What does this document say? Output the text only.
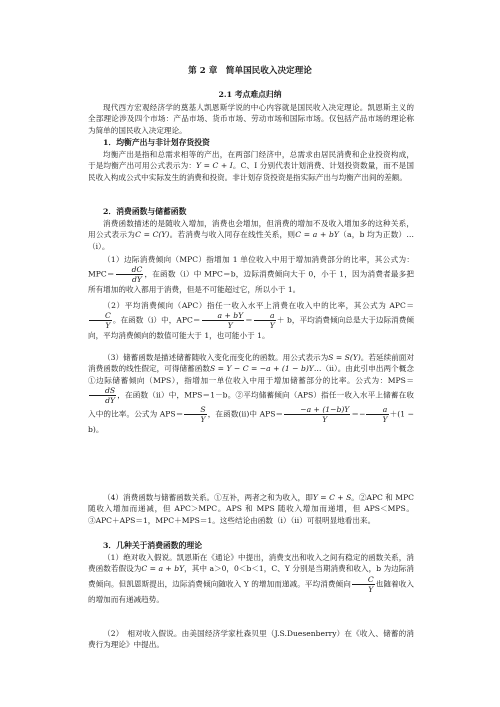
第 2 章　简单国民收入决定理论
2.1 考点难点归纳
现代西方宏观经济学的奠基人凯恩斯学说的中心内容就是国民收入决定理论。凯恩斯主义的全部理论涉及四个市场：产品市场、货币市场、劳动市场和国际市场。仅包括产品市场的理论称为简单的国民收入决定理论。
1．均衡产出与非计划存货投资
均衡产出是指和总需求相等的产出，在两部门经济中，总需求由居民消费和企业投资构成，于是均衡产出可用公式表示为：Y = C + I。C、I 分别代表计划消费、计划投资数量，而不是国民收入构成公式中实际发生的消费和投资。非计划存货投资是指实际产出与均衡产出间的差额。
2．消费函数与储蓄函数
消费函数描述的是随收入增加，消费也会增加，但消费的增加不及收入增加多的这种关系，用公式表示为C = C(Y)。若消费与收入同存在线性关系，则C = a + bY（a，b 均为正数）…（i）。
（1）边际消费倾向（MPC）指增加 1 单位收入中用于增加消费部分的比率，其公式为：$MPC= \frac{dC}{dY}$ ，在函数（i）中 MPC＝b，边际消费倾向大于 0，小于 1，因为消费者最多把所有增加的收入都用于消费，但是不可能超过它，所以小于 1。
（2）平均消费倾向（APC）指任一收入水平上消费在收入中的比率，其公式为 APC＝
$\frac{C}{Y}$ 。在函数（i）中，$APC= \frac{a + bY}{Y} = \frac{a}{Y} + b$，平均消费倾向总是大于边际消费倾向，平均消费倾向的数值可能大于 1，也可能小于 1。
（3）储蓄函数是描述储蓄随收入变化而变化的函数。用公式表示为S = S(Y)。若延续前面对消费函数的线性假定，可得储蓄函数S = Y − C = −a + (1 − b)Y…（ii）。由此引申出两个概念 ①边际储蓄倾向（MPS），指增加一单位收入中用于增加储蓄部分的比率。公式为：MPS＝
$\frac{dS}{dY}$ ，在函数（ii）中，MPS＝1－b。②平均储蓄倾向（APS）指任一收入水平上储蓄在收入中的比率。公式为 $APS= \frac{S}{Y}$ ，在函数(ii)中 $APS= \frac{-a + (1-b)Y}{Y} =- \frac{a}{Y} +(1 - b)$。
（4）消费函数与储蓄函数关系。①互补，两者之和为收入，即Y = C + S。②APC 和 MPC 随收入增加而递减，但 APC＞MPC。APS 和 MPS 随收入增加而递增，但 APS＜MPS。③APC＋APS＝1，MPC＋MPS＝1。这些结论由函数（i）（ii）可很明显地看出来。
3．几种关于消费函数的理论
（1）绝对收入假说。凯恩斯在《通论》中提出，消费支出和收入之间有稳定的函数关系，消费函数若假设为C = a + bY，其中 a＞0，0＜b＜1，C、Y 分别是当期消费和收入，b 为边际消费倾向。但凯恩斯提出，边际消费倾向随收入 Y 的增加而递减。平均消费倾向 $\frac{C}{Y}$ 也随着收入的增加而有递减趋势。
（2）　相对收入假说。由美国经济学家杜森贝里（J.S.Duesenberry）在《收入、储蓄的消费行为理论》中提出。
